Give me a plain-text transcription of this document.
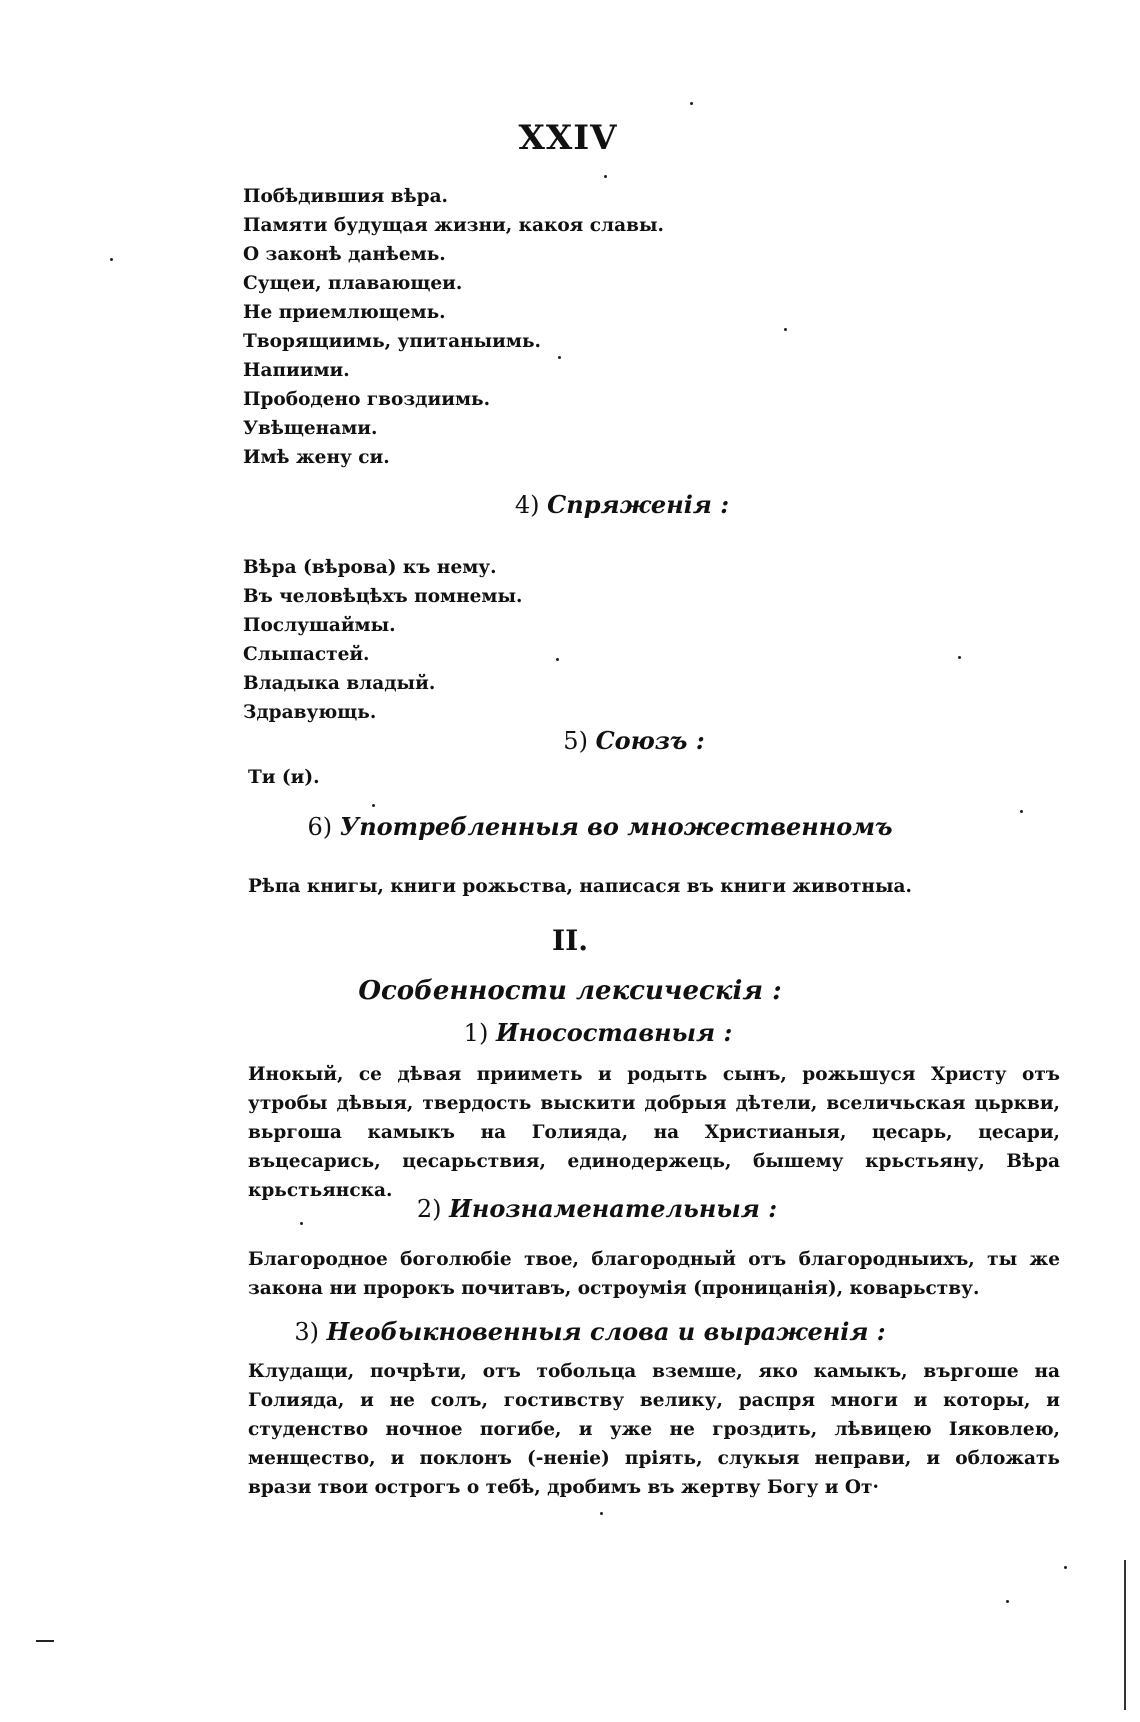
XXIV
Побѣдившия вѣра.
Памяти будущая жизни, какоя славы.
О законѣ данѣемь.
Сущеи, плавающеи.
Не приемлющемь.
Творящиимь, упитаныимь.
Напиими.
Прободено гвоздиимь.
Увѣщенами.
Имѣ жену си.
4) Спряженія :
Вѣра (вѣрова) къ нему.
Въ человѣцѣхъ помнемы.
Послушаймы.
Слыпастей.
Владыка владый.
Здравующь.
5) Союзъ :
Ти (и).
6) Употребленныя во множественномъ
Рѣпа книгы, книги рожьства, написася въ книги животныа.
II.
Особенности лексическія :
1) Иносоставныя :
Инокый, се дѣвая прииметь и родыть сынъ, рожьшуся Христу отъ утробы дѣвыя, твердость выскити добрыя дѣтели, вселичьская цьркви, вьргоша камыкъ на Голияда, на Христианыя, цесарь, цесари, въцесарись, цесарьствия, единодержець, бышему крьстьяну, Вѣра крьстьянска.
2) Инознаменательныя :
Благородное боголюбіе твое, благородный отъ благородныихъ, ты же закона ни пророкъ почитавъ, остроумія (проницанія), коварьству.
3) Необыкновенныя слова и выраженія :
Клудащи, почрѣти, отъ тобольца вземше, яко камыкъ, въргоше на Голияда, и не солъ, гостивству велику, распря многи и которы, и студенство ночное погибе, и уже не гроздить, лѣвицею Іяковлею, менщество, и поклонъ (-неніе) прiять, слукыя неправи, и обложать врази твои острогъ о тебѣ, дробимъ въ жертву Богу и От·
